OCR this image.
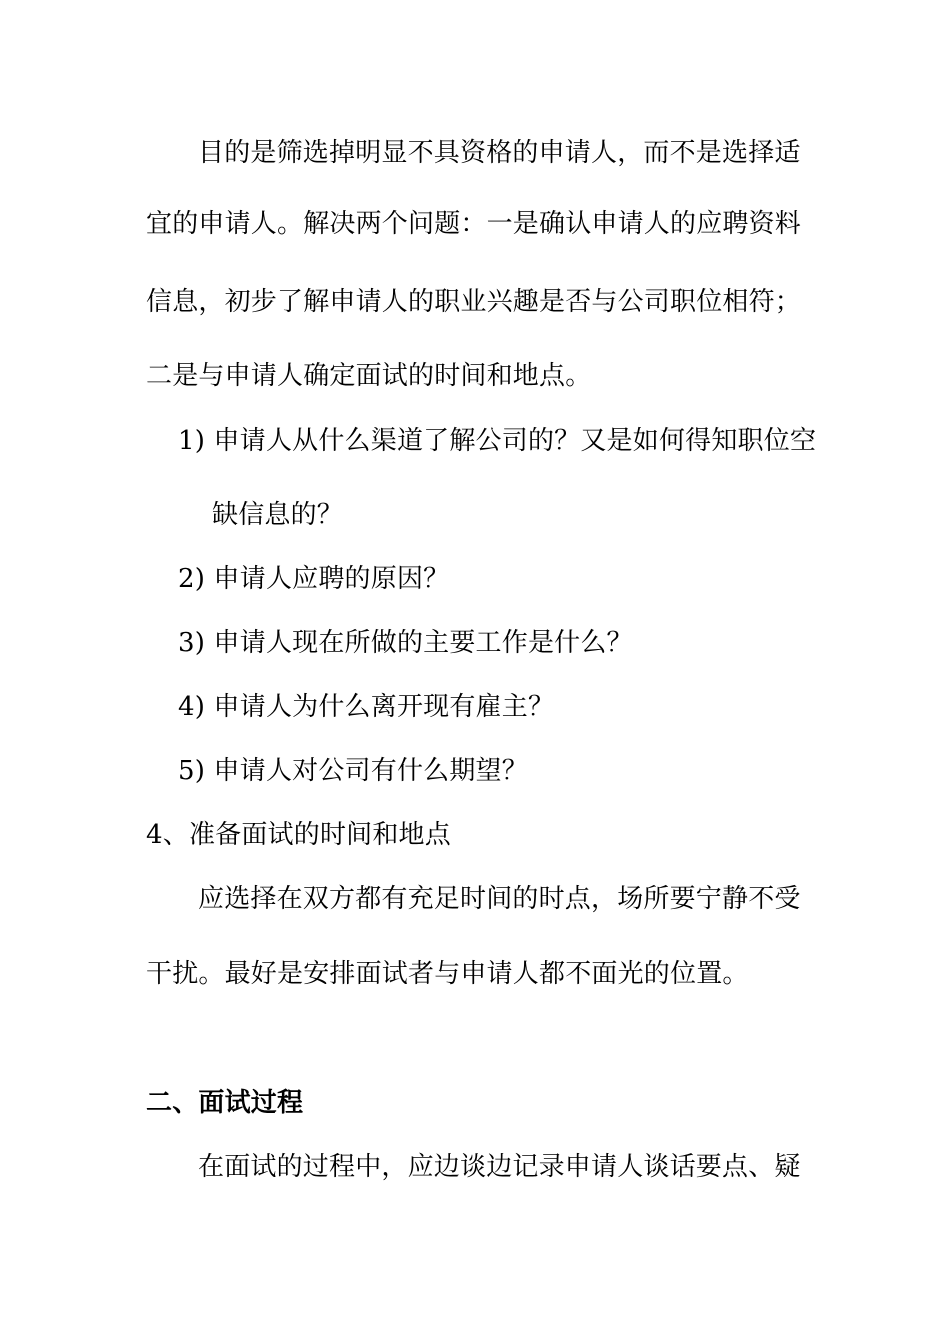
目的是筛选掉明显不具资格的申请人，而不是选择适
宜的申请人。解决两个问题：一是确认申请人的应聘资料
信息，初步了解申请人的职业兴趣是否与公司职位相符；
二是与申请人确定面试的时间和地点。
1) 申请人从什么渠道了解公司的？又是如何得知职位空
缺信息的？
2) 申请人应聘的原因？
3) 申请人现在所做的主要工作是什么？
4) 申请人为什么离开现有雇主？
5) 申请人对公司有什么期望？
4、准备面试的时间和地点
应选择在双方都有充足时间的时点，场所要宁静不受
干扰。最好是安排面试者与申请人都不面光的位置。
二、面试过程
在面试的过程中，应边谈边记录申请人谈话要点、疑
